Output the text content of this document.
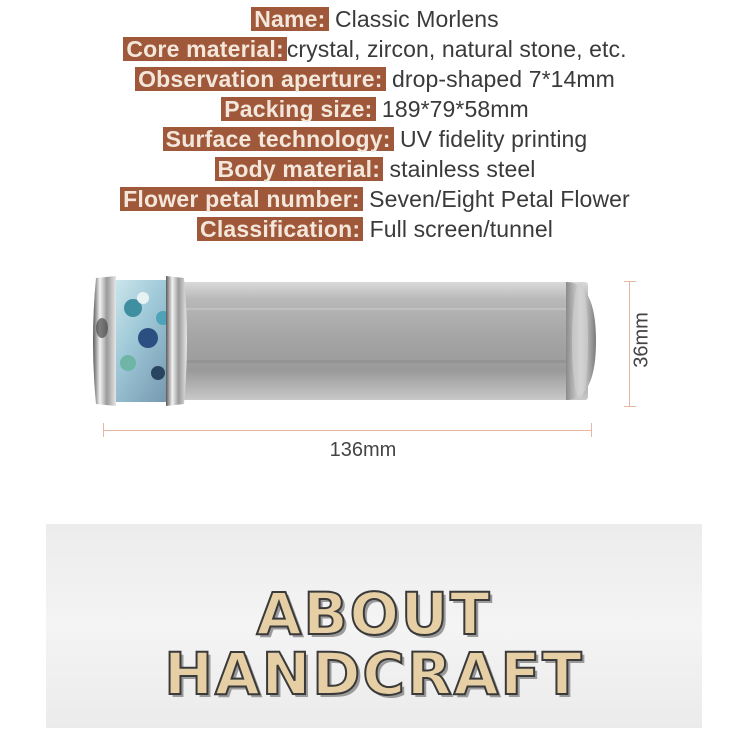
Name: Classic Morlens
Core material: crystal, zircon, natural stone, etc.
Observation aperture: drop-shaped 7*14mm
Packing size: 189*79*58mm
Surface technology: UV fidelity printing
Body material: stainless steel
Flower petal number: Seven/Eight Petal Flower
Classification: Full screen/tunnel
36mm
136mm
ABOUT
HANDCRAFT
